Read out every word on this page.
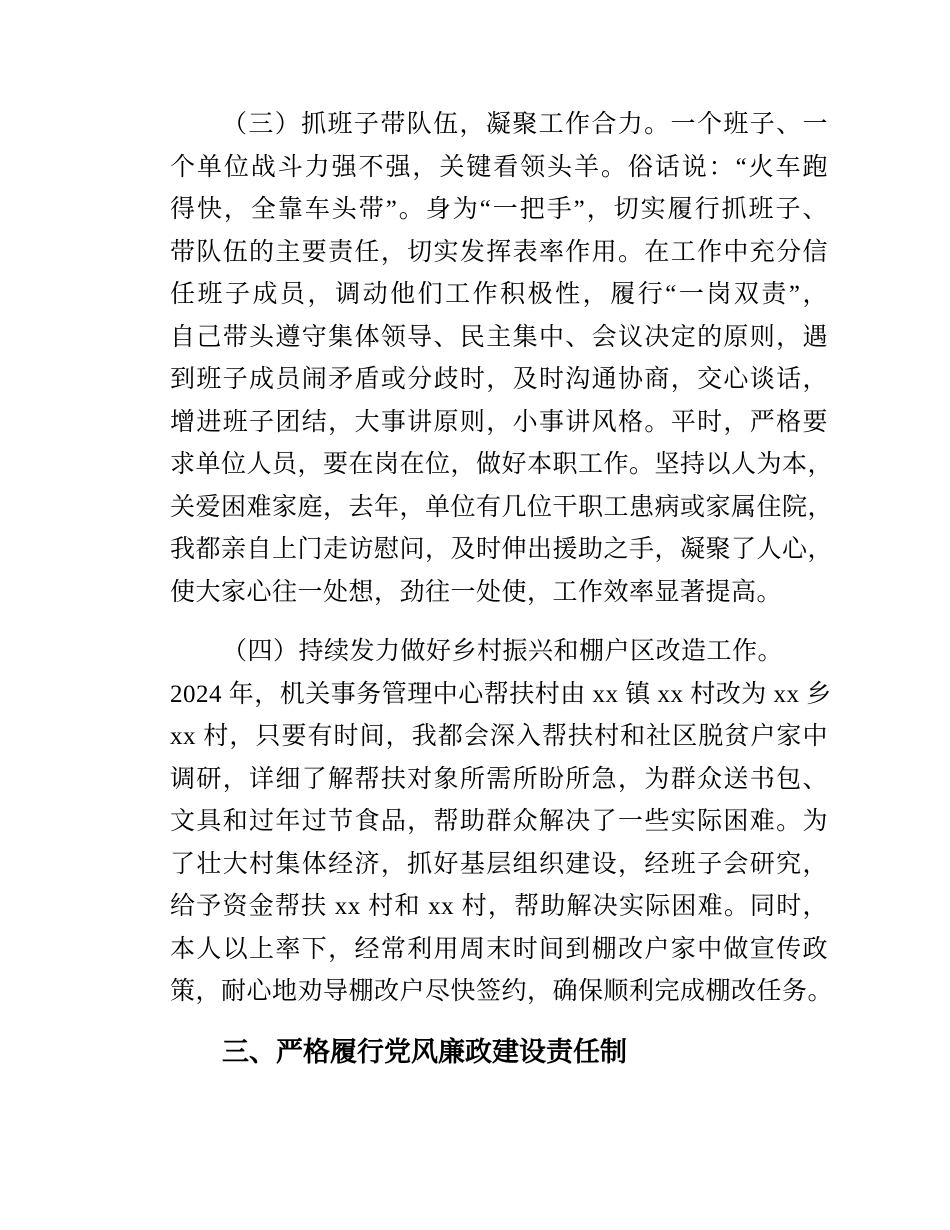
（三）抓班子带队伍，凝聚工作合力。一个班子、一
个单位战斗力强不强，关键看领头羊。俗话说：“火车跑
得快，全靠车头带”。身为“一把手”，切实履行抓班子、
带队伍的主要责任，切实发挥表率作用。在工作中充分信
任班子成员，调动他们工作积极性，履行“一岗双责”，
自己带头遵守集体领导、民主集中、会议决定的原则，遇
到班子成员闹矛盾或分歧时，及时沟通协商，交心谈话，
增进班子团结，大事讲原则，小事讲风格。平时，严格要
求单位人员，要在岗在位，做好本职工作。坚持以人为本，
关爱困难家庭，去年，单位有几位干职工患病或家属住院，
我都亲自上门走访慰问，及时伸出援助之手，凝聚了人心，
使大家心往一处想，劲往一处使，工作效率显著提高。

（四）持续发力做好乡村振兴和棚户区改造工作。
2024 年，机关事务管理中心帮扶村由 xx 镇 xx 村改为 xx 乡
xx 村，只要有时间，我都会深入帮扶村和社区脱贫户家中
调研，详细了解帮扶对象所需所盼所急，为群众送书包、
文具和过年过节食品，帮助群众解决了一些实际困难。为
了壮大村集体经济，抓好基层组织建设，经班子会研究，
给予资金帮扶 xx 村和 xx 村，帮助解决实际困难。同时，
本人以上率下，经常利用周末时间到棚改户家中做宣传政
策，耐心地劝导棚改户尽快签约，确保顺利完成棚改任务。

三、严格履行党风廉政建设责任制
